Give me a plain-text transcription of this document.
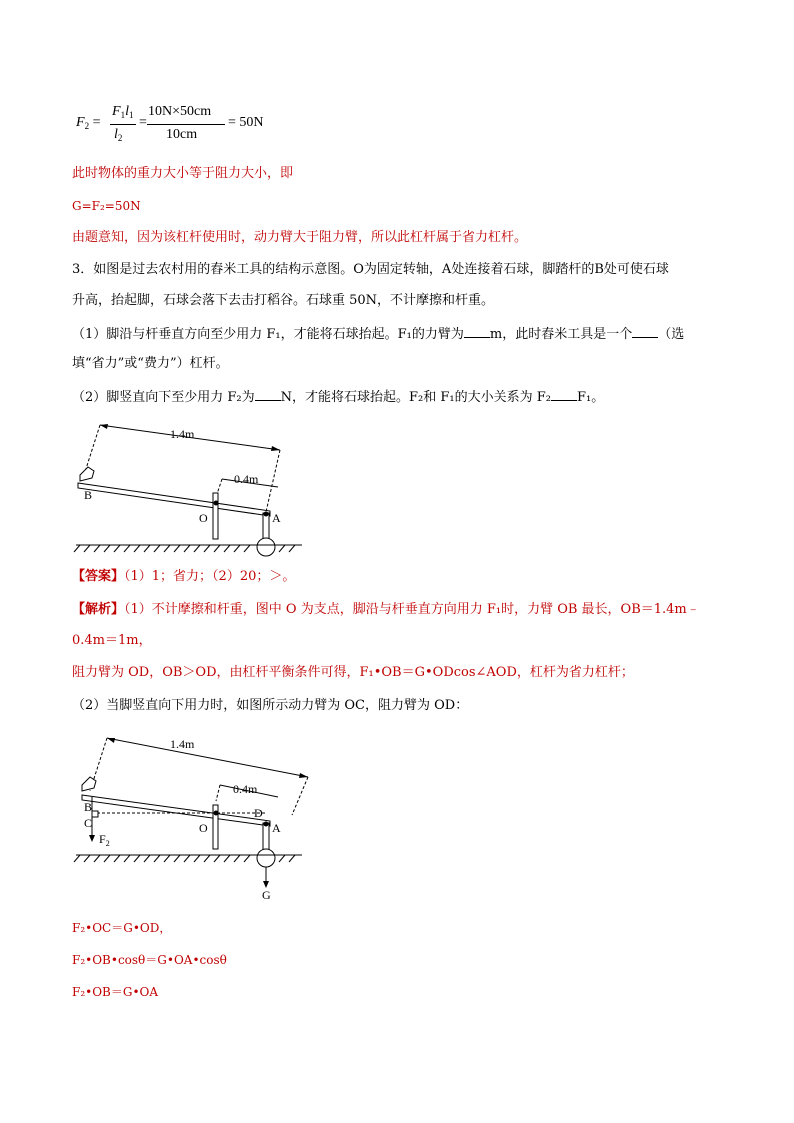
$F_2$ =
$F_1l_1$
$l_2$
=
10N×50cm
10cm
= 50N
此时物体的重力大小等于阻力大小，即
G=F₂=50N
由题意知，因为该杠杆使用时，动力臂大于阻力臂，所以此杠杆属于省力杠杆。
3．如图是过去农村用的舂米工具的结构示意图。O为固定转轴，A处连接着石球，脚踏杆的B处可使石球
升高，抬起脚，石球会落下去击打稻谷。石球重 50N，不计摩擦和杆重。
（1）脚沿与杆垂直方向至少用力 F₁，才能将石球抬起。F₁的力臂为 m，此时舂米工具是一个 （选
填“省力”或“费力”）杠杆。
（2）脚竖直向下至少用力 F₂为 N，才能将石球抬起。F₂和 F₁的大小关系为 F₂ F₁。
1.4m
0.4m
B
O	A
【答案】（1）1；省力；（2）20；＞。
【解析】（1）不计摩擦和杆重，图中 O 为支点，脚沿与杆垂直方向用力 F₁时，力臂 OB 最长，OB＝1.4m﹣
0.4m＝1m，
阻力臂为 OD，OB＞OD，由杠杆平衡条件可得，F₁•OB＝G•ODcos∠AOD，杠杆为省力杠杆；
（2）当脚竖直向下用力时，如图所示动力臂为 OC，阻力臂为 OD：
1.4m
0.4m
B
C
$F_2$
O
D
A
G
F₂•OC＝G•OD，
F₂•OB•cosθ＝G•OA•cosθ
F₂•OB＝G•OA
